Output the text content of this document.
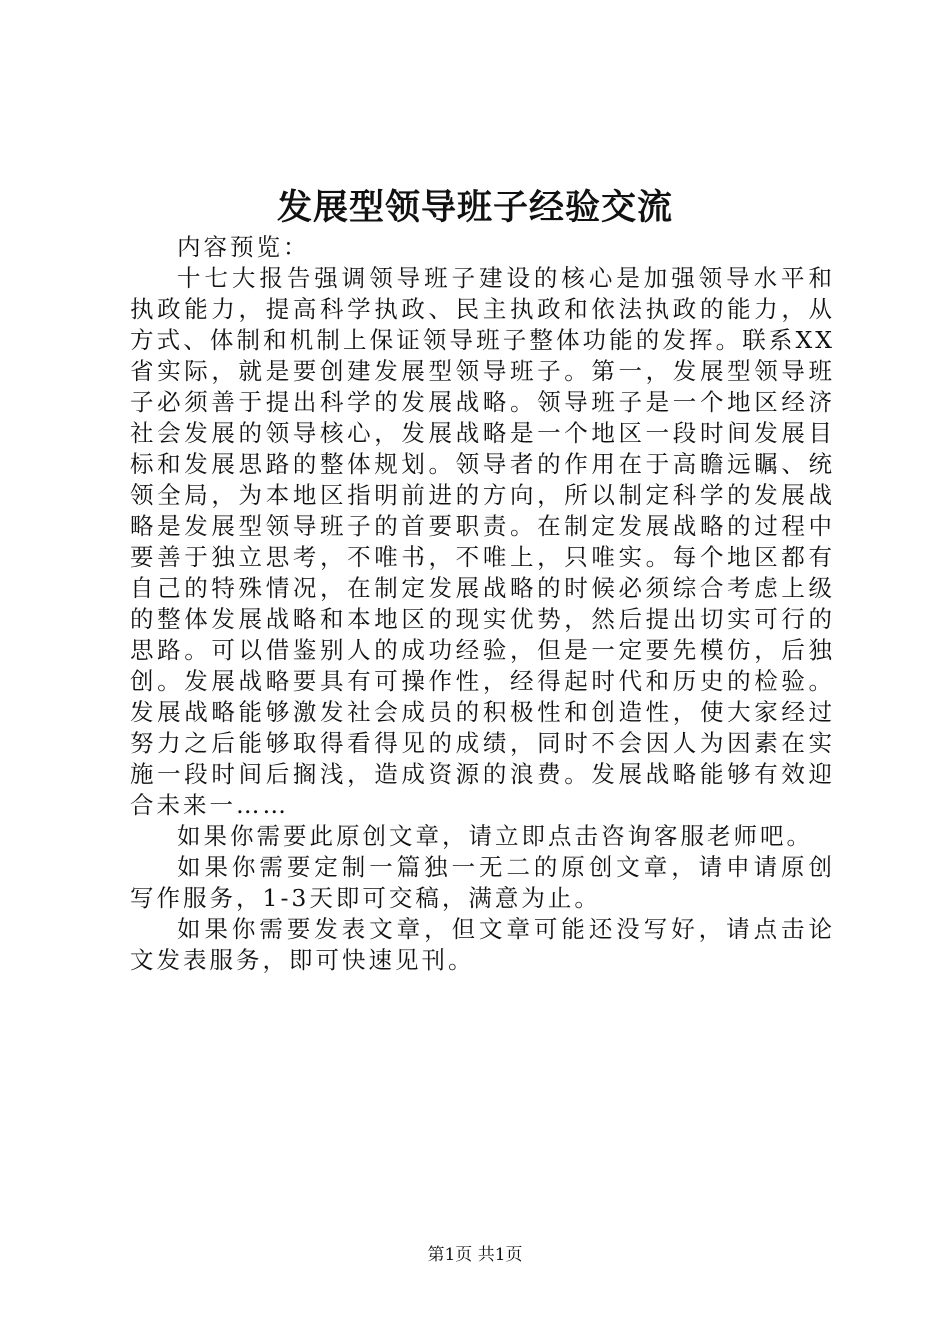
发展型领导班子经验交流

内容预览：

十七大报告强调领导班子建设的核心是加强领导水平和执政能力，提高科学执政、民主执政和依法执政的能力，从方式、体制和机制上保证领导班子整体功能的发挥。联系XX省实际，就是要创建发展型领导班子。第一，发展型领导班子必须善于提出科学的发展战略。领导班子是一个地区经济社会发展的领导核心，发展战略是一个地区一段时间发展目标和发展思路的整体规划。领导者的作用在于高瞻远瞩、统领全局，为本地区指明前进的方向，所以制定科学的发展战略是发展型领导班子的首要职责。在制定发展战略的过程中要善于独立思考，不唯书，不唯上，只唯实。每个地区都有自己的特殊情况，在制定发展战略的时候必须综合考虑上级的整体发展战略和本地区的现实优势，然后提出切实可行的思路。可以借鉴别人的成功经验，但是一定要先模仿，后独创。发展战略要具有可操作性，经得起时代和历史的检验。发展战略能够激发社会成员的积极性和创造性，使大家经过努力之后能够取得看得见的成绩，同时不会因人为因素在实施一段时间后搁浅，造成资源的浪费。发展战略能够有效迎合未来一……

如果你需要此原创文章，请立即点击咨询客服老师吧。

如果你需要定制一篇独一无二的原创文章，请申请原创写作服务，1-3天即可交稿，满意为止。

如果你需要发表文章，但文章可能还没写好，请点击论文发表服务，即可快速见刊。

第1页 共1页
